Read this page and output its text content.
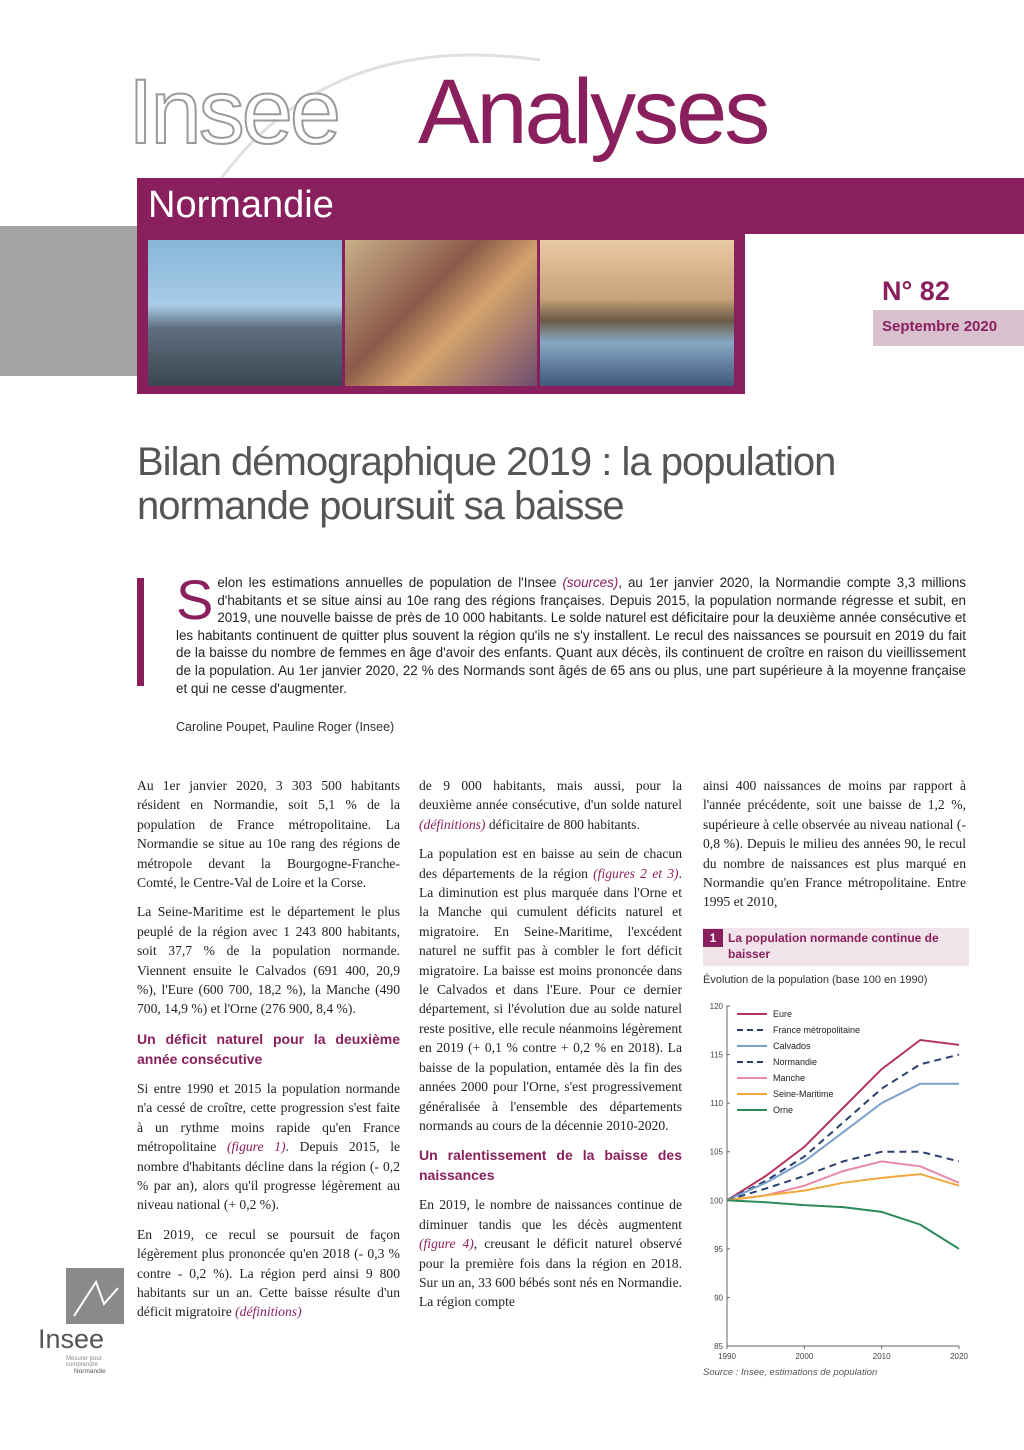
Insee Analyses
Normandie
N° 82
Septembre 2020
Bilan démographique 2019 : la population normande poursuit sa baisse
Selon les estimations annuelles de population de l'Insee (sources), au 1er janvier 2020, la Normandie compte 3,3 millions d'habitants et se situe ainsi au 10e rang des régions françaises. Depuis 2015, la population normande régresse et subit, en 2019, une nouvelle baisse de près de 10 000 habitants. Le solde naturel est déficitaire pour la deuxième année consécutive et les habitants continuent de quitter plus souvent la région qu'ils ne s'y installent. Le recul des naissances se poursuit en 2019 du fait de la baisse du nombre de femmes en âge d'avoir des enfants. Quant aux décès, ils continuent de croître en raison du vieillissement de la population. Au 1er janvier 2020, 22 % des Normands sont âgés de 65 ans ou plus, une part supérieure à la moyenne française et qui ne cesse d'augmenter.
Caroline Poupet, Pauline Roger (Insee)

Au 1er janvier 2020, 3 303 500 habitants résident en Normandie, soit 5,1 % de la population de France métropolitaine. La Normandie se situe au 10e rang des régions de métropole devant la Bourgogne-Franche-Comté, le Centre-Val de Loire et la Corse.

La Seine-Maritime est le département le plus peuplé de la région avec 1 243 800 habitants, soit 37,7 % de la population normande. Viennent ensuite le Calvados (691 400, 20,9 %), l'Eure (600 700, 18,2 %), la Manche (490 700, 14,9 %) et l'Orne (276 900, 8,4 %).

Un déficit naturel pour la deuxième année consécutive

Si entre 1990 et 2015 la population normande n'a cessé de croître, cette progression s'est faite à un rythme moins rapide qu'en France métropolitaine (figure 1). Depuis 2015, le nombre d'habitants décline dans la région (- 0,2 % par an), alors qu'il progresse légèrement au niveau national (+ 0,2 %).

En 2019, ce recul se poursuit de façon légèrement plus prononcée qu'en 2018 (- 0,3 % contre - 0,2 %). La région perd ainsi 9 800 habitants sur un an. Cette baisse résulte d'un déficit migratoire (définitions)

de 9 000 habitants, mais aussi, pour la deuxième année consécutive, d'un solde naturel (définitions) déficitaire de 800 habitants.

La population est en baisse au sein de chacun des départements de la région (figures 2 et 3). La diminution est plus marquée dans l'Orne et la Manche qui cumulent déficits naturel et migratoire. En Seine-Maritime, l'excédent naturel ne suffit pas à combler le fort déficit migratoire. La baisse est moins prononcée dans le Calvados et dans l'Eure. Pour ce dernier département, si l'évolution due au solde naturel reste positive, elle recule néanmoins légèrement en 2019 (+ 0,1 % contre + 0,2 % en 2018). La baisse de la population, entamée dès la fin des années 2000 pour l'Orne, s'est progressivement généralisée à l'ensemble des départements normands au cours de la décennie 2010-2020.

Un ralentissement de la baisse des naissances

En 2019, le nombre de naissances continue de diminuer tandis que les décès augmentent (figure 4), creusant le déficit naturel observé pour la première fois dans la région en 2018. Sur un an, 33 600 bébés sont nés en Normandie. La région compte

ainsi 400 naissances de moins par rapport à l'année précédente, soit une baisse de 1,2 %, supérieure à celle observée au niveau national (- 0,8 %). Depuis le milieu des années 90, le recul du nombre de naissances est plus marqué en Normandie qu'en France métropolitaine. Entre 1995 et 2010,

1 La population normande continue de baisser
Évolution de la population (base 100 en 1990)
85
90
95
100
105
110
115
120
1990	2000	2010	2020
Eure
France métropolitaine
Calvados
Normandie
Manche
Seine-Maritime
Orne
Source : Insee, estimations de population
Insee
Mesurer pour comprendre
Normandie
